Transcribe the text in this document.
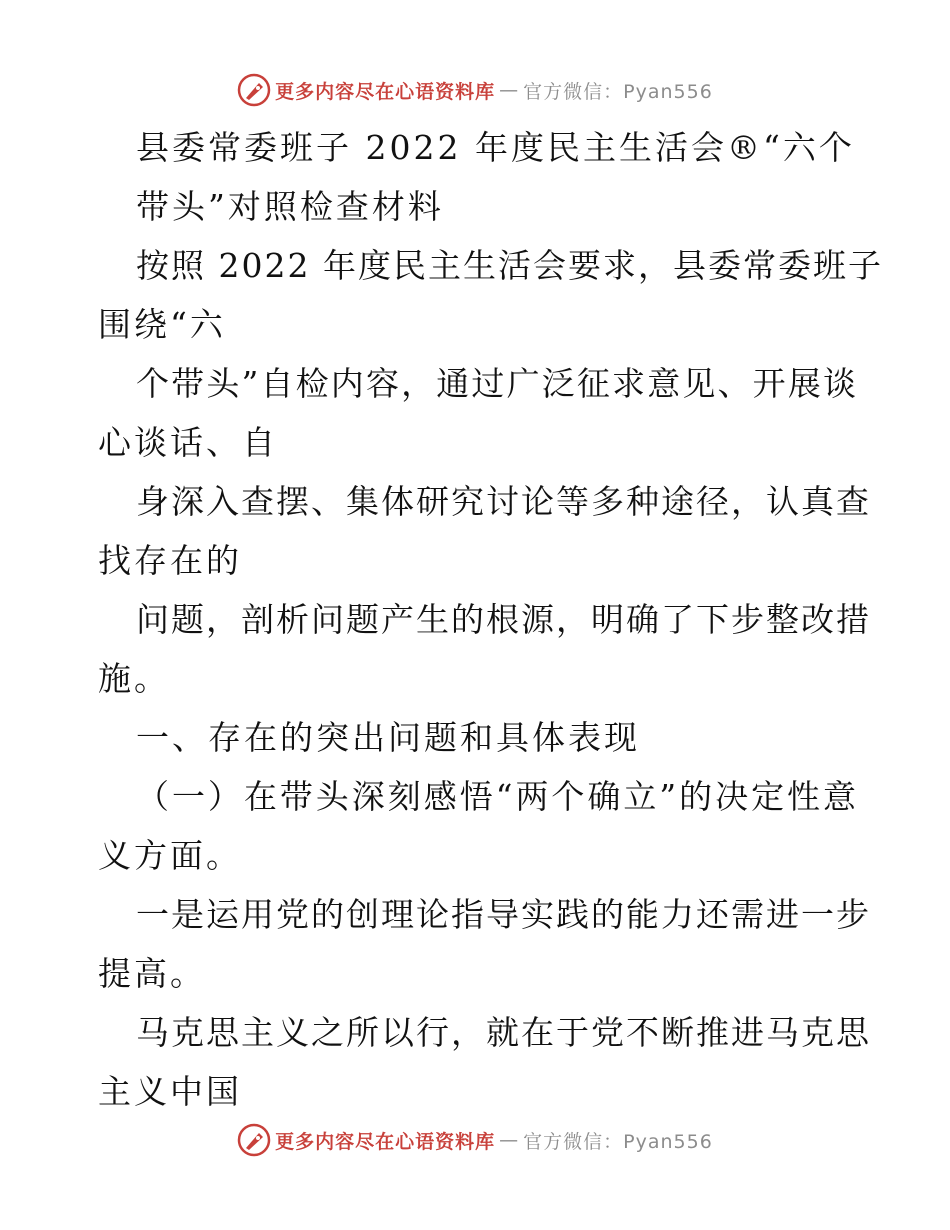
更多内容尽在心语资料库 — 官方微信：Pyan556
县委常委班子 2022 年度民主生活会®“六个
带头”对照检查材料
按照 2022 年度民主生活会要求，县委常委班子
围绕“六
个带头”自检内容，通过广泛征求意见、开展谈
心谈话、自
身深入查摆、集体研究讨论等多种途径，认真查
找存在的
问题，剖析问题产生的根源，明确了下步整改措
施。
一、存在的突出问题和具体表现
（一）在带头深刻感悟“两个确立”的决定性意
义方面。
一是运用党的创理论指导实践的能力还需进一步
提高。
马克思主义之所以行，就在于党不断推进马克思
主义中国
更多内容尽在心语资料库 — 官方微信：Pyan556
